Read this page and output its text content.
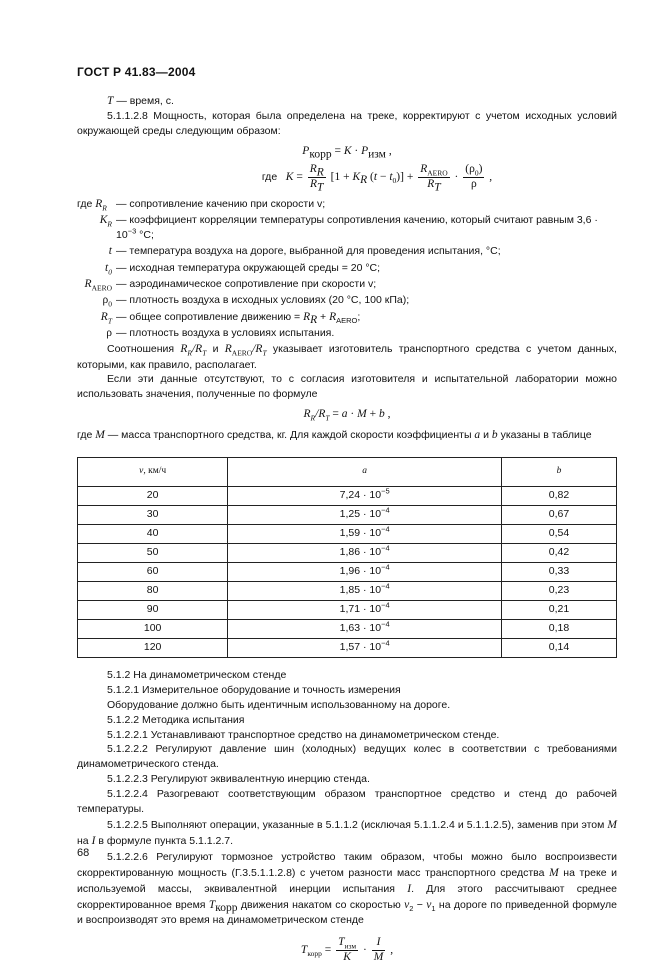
ГОСТ Р 41.83—2004

T — время, с.

5.1.1.2.8 Мощность, которая была определена на треке, корректируют с учетом исходных условий окружающей среды следующим образом:

$P_{корр} = K \cdot P_{изм}$ ,
где $K = \frac{R_R}{R_T} [1 + K_R$ $(t - t_0)] + \frac{R_{AERO}}{R_T} \cdot \frac{(\rho_0)}{\rho}$ ,
где $R_R$ — сопротивление качению при скорости v;
$K_R$ — коэффициент корреляции температуры сопротивления качению, который считают равным $3,6 \cdot 10^{-3}$ °C;
t — температура воздуха на дороге, выбранной для проведения испытания, °C;
$t_0$ — исходная температура окружающей среды = 20 °C;
$R_{AERO}$ — аэродинамическое сопротивление при скорости v;
$\rho_0$ — плотность воздуха в исходных условиях (20 °C, 100 кПа);
$R_T$ — общее сопротивление движению = $R_R + R_{AERO}$;
ρ — плотность воздуха в условиях испытания.

Соотношения $R_R/R_T$ и $R_{AERO}/R_T$ указывает изготовитель транспортного средства с учетом данных, которыми, как правило, располагает.

Если эти данные отсутствуют, то с согласия изготовителя и испытательной лаборатории можно использовать значения, полученные по формуле

$R_R/R_T = a \cdot M + b$ ,

где M — масса транспортного средства, кг. Для каждой скорости коэффициенты a и b указаны в таблице

v, км/ч	a	b
20	$7,24 \cdot 10^{-5}$	0,82
30	$1,25 \cdot 10^{-4}$	0,67
40	$1,59 \cdot 10^{-4}$	0,54
50	$1,86 \cdot 10^{-4}$	0,42
60	$1,96 \cdot 10^{-4}$	0,33
80	$1,85 \cdot 10^{-4}$	0,23
90	$1,71 \cdot 10^{-4}$	0,21
100	$1,63 \cdot 10^{-4}$	0,18
120	$1,57 \cdot 10^{-4}$	0,14

5.1.2 На динамометрическом стенде

5.1.2.1 Измерительное оборудование и точность измерения

Оборудование должно быть идентичным использованному на дороге.

5.1.2.2 Методика испытания

5.1.2.2.1 Устанавливают транспортное средство на динамометрическом стенде.

5.1.2.2.2 Регулируют давление шин (холодных) ведущих колес в соответствии с требованиями динамометрического стенда.

5.1.2.2.3 Регулируют эквивалентную инерцию стенда.

5.1.2.2.4 Разогревают соответствующим образом транспортное средство и стенд до рабочей температуры.

5.1.2.2.5 Выполняют операции, указанные в 5.1.1.2 (исключая 5.1.1.2.4 и 5.1.1.2.5), заменив при этом M на I в формуле пункта 5.1.1.2.7.

5.1.2.2.6 Регулируют тормозное устройство таким образом, чтобы можно было воспроизвести скорректированную мощность (Г.3.5.1.1.2.8) с учетом разности масс транспортного средства M на треке и используемой массы, эквивалентной инерции испытания I. Для этого рассчитывают среднее скорректированное время $T_{корр}$ движения накатом со скоростью $v_2 - v_1$ на дороге по приведенной формуле и воспроизводят это время на динамометрическом стенде

$T_{корр} = \frac{T_{изм}}{K} \cdot \frac{I}{M}$ ,
68
